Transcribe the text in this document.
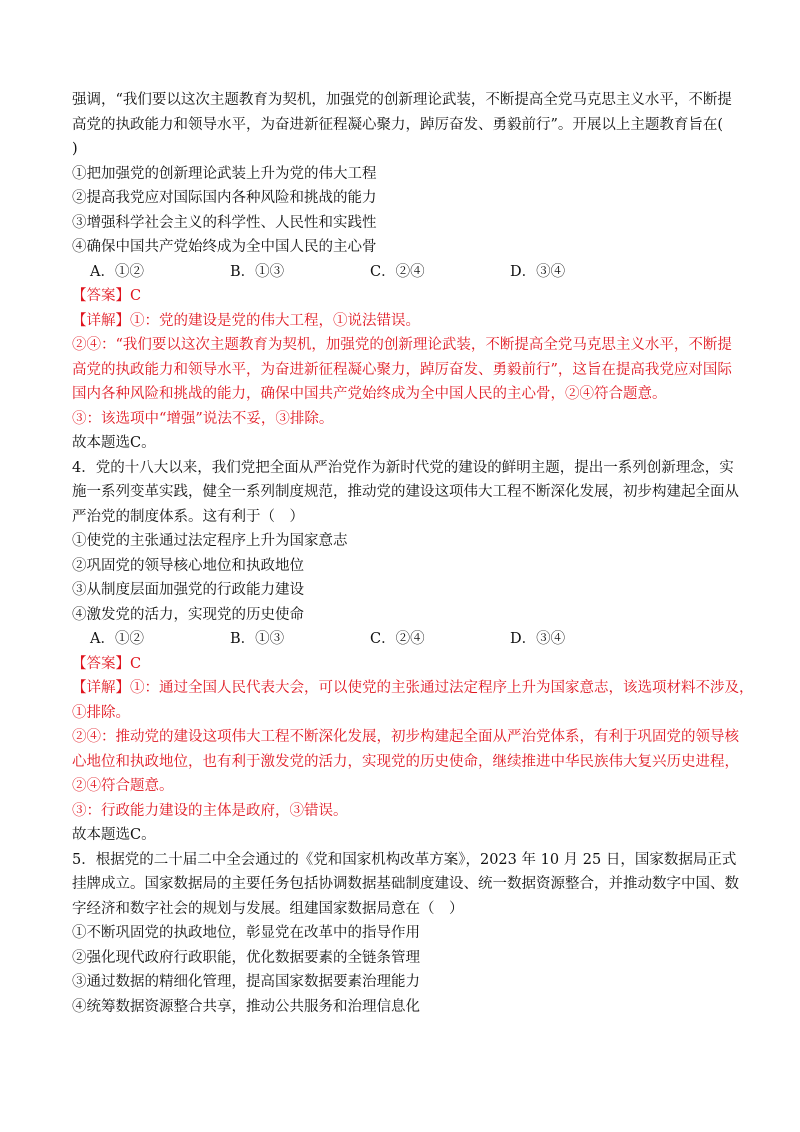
强调，“我们要以这次主题教育为契机，加强党的创新理论武装，不断提高全党马克思主义水平，不断提
高党的执政能力和领导水平，为奋进新征程凝心聚力，踔厉奋发、勇毅前行”。开展以上主题教育旨在(
)
①把加强党的创新理论武装上升为党的伟大工程
②提高我党应对国际国内各种风险和挑战的能力
③增强科学社会主义的科学性、人民性和实践性
④确保中国共产党始终成为全中国人民的主心骨
A．①②	B．①③	C．②④	D．③④
【答案】C
【详解】①：党的建设是党的伟大工程，①说法错误。
②④：“我们要以这次主题教育为契机，加强党的创新理论武装，不断提高全党马克思主义水平，不断提
高党的执政能力和领导水平，为奋进新征程凝心聚力，踔厉奋发、勇毅前行”，这旨在提高我党应对国际
国内各种风险和挑战的能力，确保中国共产党始终成为全中国人民的主心骨，②④符合题意。
③：该选项中“增强”说法不妥，③排除。
故本题选C。
4．党的十八大以来，我们党把全面从严治党作为新时代党的建设的鲜明主题，提出一系列创新理念，实
施一系列变革实践，健全一系列制度规范，推动党的建设这项伟大工程不断深化发展，初步构建起全面从
严治党的制度体系。这有利于（　）
①使党的主张通过法定程序上升为国家意志
②巩固党的领导核心地位和执政地位
③从制度层面加强党的行政能力建设
④激发党的活力，实现党的历史使命
A．①②	B．①③	C．②④	D．③④
【答案】C
【详解】①：通过全国人民代表大会，可以使党的主张通过法定程序上升为国家意志，该选项材料不涉及，
①排除。
②④：推动党的建设这项伟大工程不断深化发展，初步构建起全面从严治党体系，有利于巩固党的领导核
心地位和执政地位，也有利于激发党的活力，实现党的历史使命，继续推进中华民族伟大复兴历史进程，
②④符合题意。
③：行政能力建设的主体是政府，③错误。
故本题选C。
5．根据党的二十届二中全会通过的《党和国家机构改革方案》，2023 年 10 月 25 日，国家数据局正式
挂牌成立。国家数据局的主要任务包括协调数据基础制度建设、统一数据资源整合，并推动数字中国、数
字经济和数字社会的规划与发展。组建国家数据局意在（　）
①不断巩固党的执政地位，彰显党在改革中的指导作用
②强化现代政府行政职能，优化数据要素的全链条管理
③通过数据的精细化管理，提高国家数据要素治理能力
④统筹数据资源整合共享，推动公共服务和治理信息化
